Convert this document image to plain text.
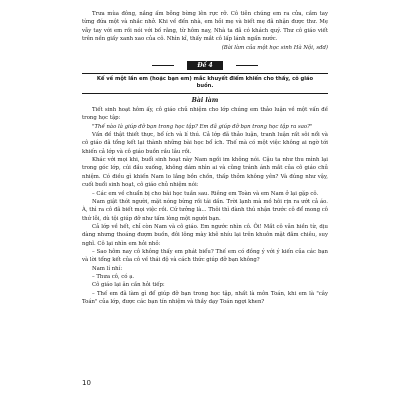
Trưa mùa đông, nắng ấm bỗng bừng lên rực rỡ. Cô tiễn chúng em ra cửa, cầm tay từng đứa một và nhắc nhở. Khi về đến nhà, em hỏi mẹ và biết mẹ đã nhận được thư. Mẹ vẫy tay với em rồi nói với bố rằng, từ hôm nay, Nhà ta đã có khách quý. Thư cô giáo viết trên nền giấy xanh xao của cô. Nhìn kĩ, thấy mắt cô lấp lánh ngấn nước.

(Bài làm của một học sinh Hà Nội, sđd)

Đề 4
Kể về một lần em (hoặc bạn em) mắc khuyết điểm khiến cho thầy, cô giáo buồn.

Bài làm

Tiết sinh hoạt hôm ấy, cô giáo chủ nhiệm cho lớp chúng em thảo luận về một vấn đề trong học tập:

"Thế nào là giúp đỡ bạn trong học tập? Em đã giúp đỡ bạn trong học tập ra sao?"

Vấn đề thật thiết thực, bổ ích và lí thú. Cả lớp đã thảo luận, tranh luận rất sôi nổi và cô giáo đã tổng kết lại thành những bài học bổ ích. Thế mà có một việc không ai ngờ tới khiến cả lớp và cô giáo buồn rầu lâu rồi.

Khác với mọi khi, buổi sinh hoạt này Nam ngồi im không nói. Cậu ta như thu mình lại trong góc lớp, cúi đầu xuống, không dám nhìn ai và cũng tránh ánh mắt của cô giáo chủ nhiệm. Có điều gì khiến Nam lo lắng bồn chồn, thấp thỏm không yên? Và đúng như vậy, cuối buổi sinh hoạt, cô giáo chủ nhiệm nói:

– Các em về chuẩn bị cho bài học tuần sau. Riêng em Toàn và em Nam ở lại gặp cô.

Nam giật thót người, mặt nóng bừng rồi tái dần. Trời lạnh mà mồ hôi rịn ra ướt cả áo. À, thì ra cô đã biết mọi việc rồi. Cứ tưởng là... Thôi thì đành thú nhận trước cô để mong cô thứ lỗi, dù tội giúp đỡ như tấm lòng một người bạn.

Cả lớp về hết, chỉ còn Nam và cô giáo. Em ngước nhìn cô. Ôi! Mắt cô vẫn hiền từ, dịu dàng nhưng thoáng đượm buồn, đôi lông mày khẽ nhíu lại trên khuôn mặt đăm chiêu, suy nghĩ. Cô lại nhìn em hỏi nhỏ:

– Sao hôm nay cô không thấy em phát biểu? Thế em có đồng ý với ý kiến của các bạn và lời tổng kết của cô về thái độ và cách thức giúp đỡ bạn không?

Nam lí nhí:

– Thưa cô, có ạ.

Cô giáo lại ân cần hỏi tiếp:

– Thế em đã làm gì để giúp đỡ bạn trong học tập, nhất là môn Toán, khi em là "cây Toán" của lớp, được các bạn tín nhiệm và thầy dạy Toán ngợi khen?

10
